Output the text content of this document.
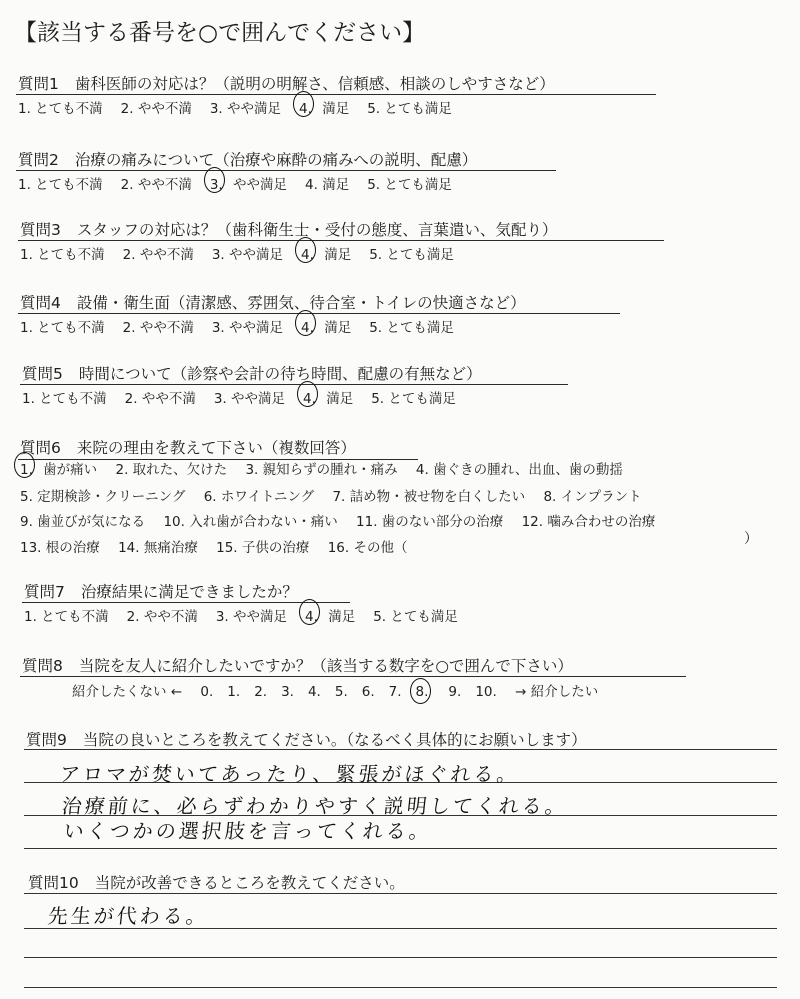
【該当する番号を○で囲んでください】
質問1 歯科医師の対応は？（説明の明解さ、信頼感、相談のしやすさなど）
1. とても不満 2. やや不満 3. やや満足 4. 満足 5. とても満足
質問2 治療の痛みについて（治療や麻酔の痛みへの説明、配慮）
1. とても不満 2. やや不満 3. やや満足 4. 満足 5. とても満足
質問3 スタッフの対応は？（歯科衛生士・受付の態度、言葉遣い、気配り）
1. とても不満 2. やや不満 3. やや満足 4. 満足 5. とても満足
質問4 設備・衛生面（清潔感、雰囲気、待合室・トイレの快適さなど）
1. とても不満 2. やや不満 3. やや満足 4. 満足 5. とても満足
質問5 時間について（診察や会計の待ち時間、配慮の有無など）
1. とても不満 2. やや不満 3. やや満足 4. 満足 5. とても満足
質問7 治療結果に満足できましたか？
1. とても不満 2. やや不満 3. やや満足 4. 満足 5. とても満足
質問6 来院の理由を教えて下さい（複数回答）
1. 歯が痛い 2. 取れた、欠けた 3. 親知らずの腫れ・痛み 4. 歯ぐきの腫れ、出血、歯の動揺
5. 定期検診・クリーニング 6. ホワイトニング 7. 詰め物・被せ物を白くしたい 8. インプラント
9. 歯並びが気になる 10. 入れ歯が合わない・痛い 11. 歯のない部分の治療 12. 噛み合わせの治療
13. 根の治療 14. 無痛治療 15. 子供の治療 16. その他（
）
質問8 当院を友人に紹介したいですか？（該当する数字を○で囲んで下さい）
紹介したくない ← 0. 1. 2. 3. 4. 5. 6. 7. 8. 9. 10. → 紹介したい
質問9 当院の良いところを教えてください。（なるべく具体的にお願いします）
アロマが焚いてあったり、緊張がほぐれる。
治療前に、必らずわかりやすく説明してくれる。
いくつかの選択肢を言ってくれる。
質問10 当院が改善できるところを教えてください。
先生が代わる。
